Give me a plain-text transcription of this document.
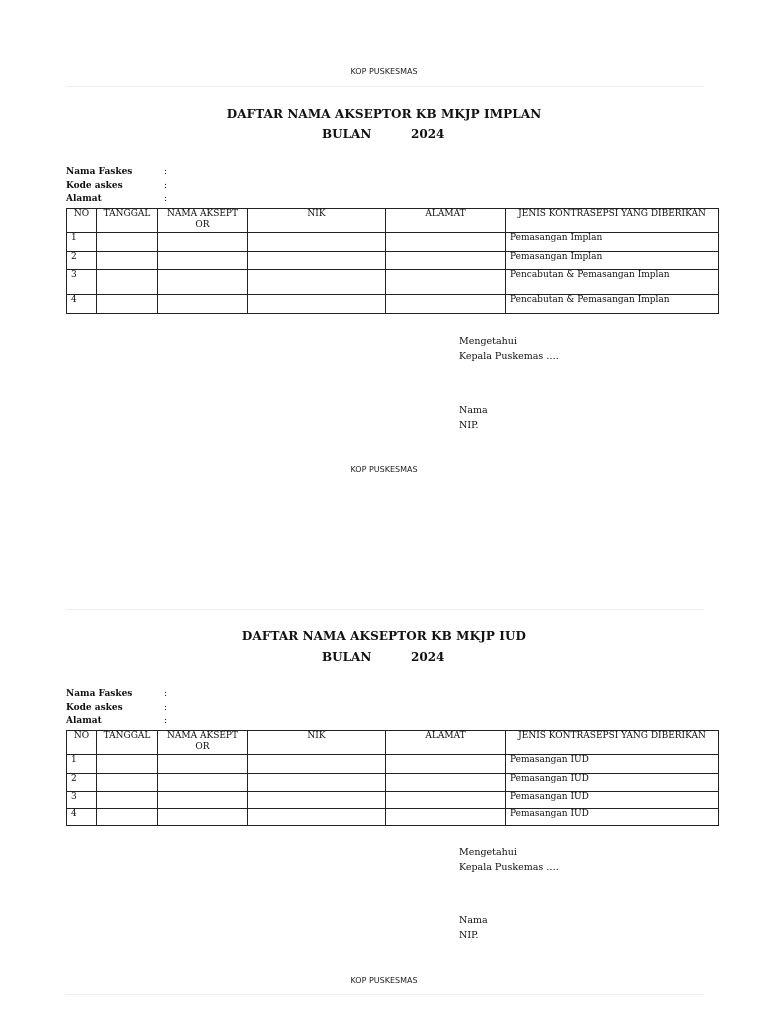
KOP PUSKESMAS
DAFTAR NAMA AKSEPTOR KB MKJP IMPLAN
BULAN	2024
Nama Faskes	:
Kode askes	:
Alamat	:
NO	TANGGAL	NAMA AKSEPT OR	NIK	ALAMAT	JENIS KONTRASEPSI YANG DIBERIKAN
1					Pemasangan Implan
2					Pemasangan Implan
3					Pencabutan & Pemasangan Implan
4					Pencabutan & Pemasangan Implan
Mengetahui
Kepala Puskemas ….
Nama
NIP.
KOP PUSKESMAS
DAFTAR NAMA AKSEPTOR KB MKJP IUD
BULAN	2024
Nama Faskes	:
Kode askes	:
Alamat	:
NO	TANGGAL	NAMA AKSEPT OR	NIK	ALAMAT	JENIS KONTRASEPSI YANG DIBERIKAN
1					Pemasangan IUD
2					Pemasangan IUD
3					Pemasangan IUD
4					Pemasangan IUD
Mengetahui
Kepala Puskemas ….
Nama
NIP.
KOP PUSKESMAS
